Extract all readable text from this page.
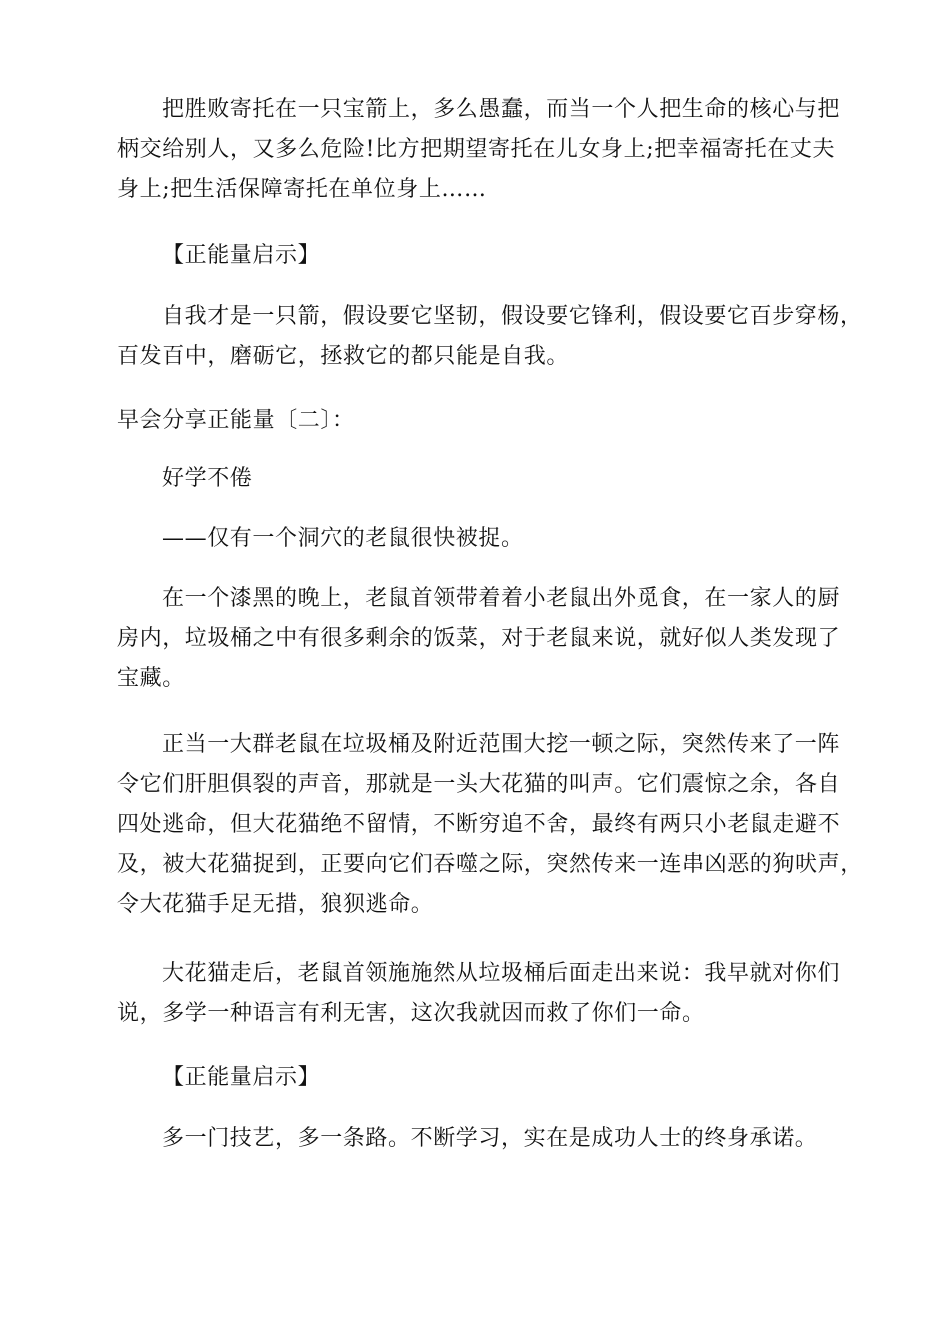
把胜败寄托在一只宝箭上，多么愚蠢，而当一个人把生命的核心与把
柄交给别人，又多么危险!比方把期望寄托在儿女身上;把幸福寄托在丈夫
身上;把生活保障寄托在单位身上……

【正能量启示】

自我才是一只箭，假设要它坚韧，假设要它锋利，假设要它百步穿杨，
百发百中，磨砺它，拯救它的都只能是自我。

早会分享正能量〔二〕：

好学不倦

——仅有一个洞穴的老鼠很快被捉。

在一个漆黑的晚上，老鼠首领带着着小老鼠出外觅食，在一家人的厨
房内，垃圾桶之中有很多剩余的饭菜，对于老鼠来说，就好似人类发现了
宝藏。

正当一大群老鼠在垃圾桶及附近范围大挖一顿之际，突然传来了一阵
令它们肝胆俱裂的声音，那就是一头大花猫的叫声。它们震惊之余，各自
四处逃命，但大花猫绝不留情，不断穷追不舍，最终有两只小老鼠走避不
及，被大花猫捉到，正要向它们吞噬之际，突然传来一连串凶恶的狗吠声，
令大花猫手足无措，狼狈逃命。

大花猫走后，老鼠首领施施然从垃圾桶后面走出来说：我早就对你们
说，多学一种语言有利无害，这次我就因而救了你们一命。

【正能量启示】

多一门技艺，多一条路。不断学习，实在是成功人士的终身承诺。
